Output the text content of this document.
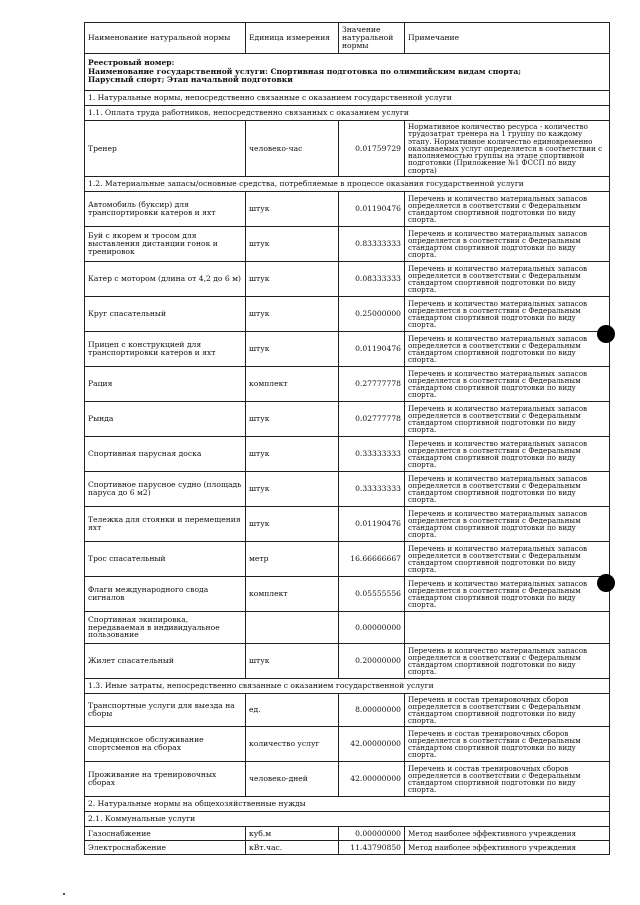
Наименование натуральной нормы	Единица измерения	Значение натуральной нормы	Примечание

Реестровый номер:
Наименование государственной услуги: Спортивная подготовка по олимпийским видам спорта;
Парусный спорт; Этап начальной подготовки			

1. Натуральные нормы, непосредственно связанные с оказанием государственной услуги			
1.1. Оплата труда работников, непосредственно связанных с оказанием услуги			
Тренер	человеко-час	0.01759729	Нормативное количество ресурса - количество трудозатрат тренера на 1 группу по каждому этапу. Нормативное количество единовременно оказываемых услуг определяется в соответствии с наполняемостью группы на этапе спортивной подготовки (Приложение №1 ФССП по виду спорта)
1.2. Материальные запасы/основные средства, потребляемые в процессе оказания государственной услуги			
Автомобиль (буксир) для транспортировки катеров и яхт	штук	0.01190476	Перечень и количество материальных запасов определяется в соответствии с Федеральным стандартом спортивной подготовки по виду спорта.
Буй с якорем и тросом для выставления дистанции гонок и тренировок	штук	0.83333333	Перечень и количество материальных запасов определяется в соответствии с Федеральным стандартом спортивной подготовки по виду спорта.
Катер с мотором (длина от 4,2 до 6 м)	штук	0.08333333	Перечень и количество материальных запасов определяется в соответствии с Федеральным стандартом спортивной подготовки по виду спорта.
Круг спасательный	штук	0.25000000	Перечень и количество материальных запасов определяется в соответствии с Федеральным стандартом спортивной подготовки по виду спорта.
Прицеп с конструкцией для транспортировки катеров и яхт	штук	0.01190476	Перечень и количество материальных запасов определяется в соответствии с Федеральным стандартом спортивной подготовки по виду спорта.
Рация	комплект	0.27777778	Перечень и количество материальных запасов определяется в соответствии с Федеральным стандартом спортивной подготовки по виду спорта.
Рында	штук	0.02777778	Перечень и количество материальных запасов определяется в соответствии с Федеральным стандартом спортивной подготовки по виду спорта.
Спортивная парусная доска	штук	0.33333333	Перечень и количество материальных запасов определяется в соответствии с Федеральным стандартом спортивной подготовки по виду спорта.
Спортивное парусное судно (площадь паруса до 6 м2)	штук	0.33333333	Перечень и количество материальных запасов определяется в соответствии с Федеральным стандартом спортивной подготовки по виду спорта.
Тележка для стоянки и перемещения яхт	штук	0.01190476	Перечень и количество материальных запасов определяется в соответствии с Федеральным стандартом спортивной подготовки по виду спорта.
Трос спасательный	метр	16.66666667	Перечень и количество материальных запасов определяется в соответствии с Федеральным стандартом спортивной подготовки по виду спорта.
Флаги международного свода сигналов	комплект	0.05555556	Перечень и количество материальных запасов определяется в соответствии с Федеральным стандартом спортивной подготовки по виду спорта.
Спортивная экипировка, передаваемая в индивидуальное пользование		0.00000000	
Жилет спасательный	штук	0.20000000	Перечень и количество материальных запасов определяется в соответствии с Федеральным стандартом спортивной подготовки по виду спорта.
1.3. Иные затраты, непосредственно связанные с оказанием государственной услуги			
Транспортные услуги для выезда на сборы	ед.	8.00000000	Перечень и состав тренировочных сборов определяется в соответствии с Федеральным стандартом спортивной подготовки по виду спорта.
Медицинское обслуживание спортсменов на сборах	количество услуг	42.00000000	Перечень и состав тренировочных сборов определяется в соответствии с Федеральным стандартом спортивной подготовки по виду спорта.
Проживание на тренировочных сборах	человеко-дней	42.00000000	Перечень и состав тренировочных сборов определяется в соответствии с Федеральным стандартом спортивной подготовки по виду спорта.
2. Натуральные нормы на общехозяйственные нужды			
2.1. Коммунальные услуги			
Газоснабжение	куб.м	0.00000000	Метод наиболее эффективного учреждения
Электроснабжение	кВт.час.	11.43790850	Метод наиболее эффективного учреждения
